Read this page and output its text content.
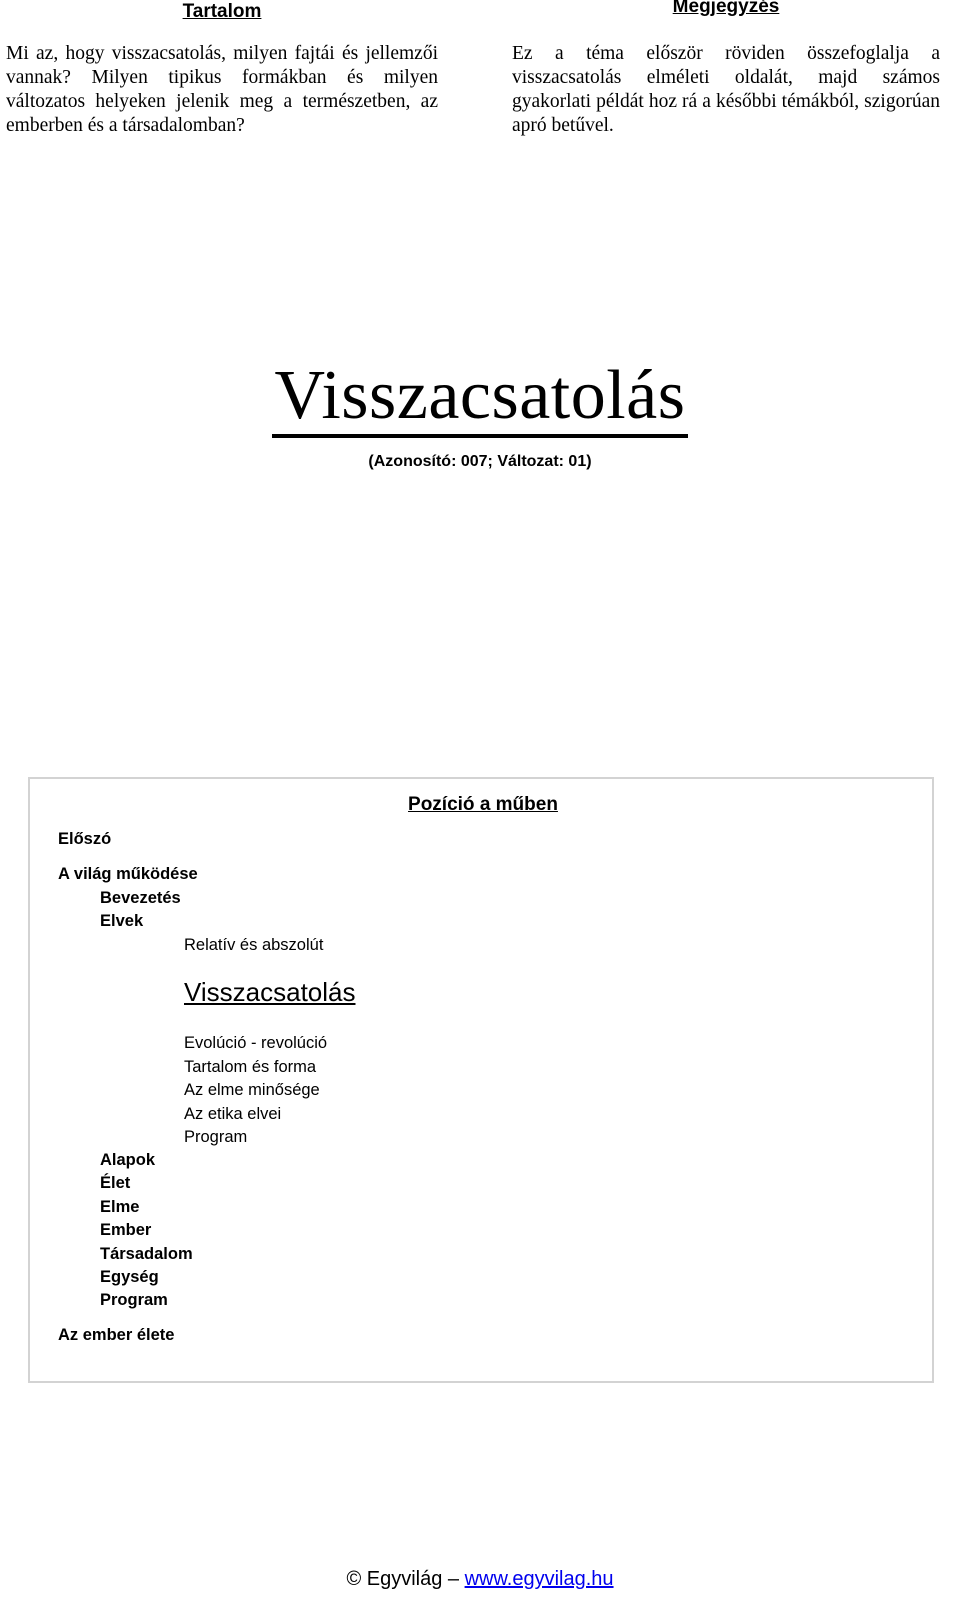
Tartalom

Mi az, hogy visszacsatolás, milyen fajtái és jellemzői vannak? Milyen tipikus formákban és milyen változatos helyeken jelenik meg a természetben, az emberben és a társadalomban?

Megjegyzés

Ez a téma először röviden összefoglalja a visszacsatolás elméleti oldalát, majd számos gyakorlati példát hoz rá a későbbi témákból, szigorúan apró betűvel.

Visszacsatolás
(Azonosító: 007; Változat: 01)
Pozíció a műben
Előszó
A világ működése
Bevezetés
Elvek
Relatív és abszolút
Visszacsatolás
Evolúció - revolúció
Tartalom és forma
Az elme minősége
Az etika elvei
Program
Alapok
Élet
Elme
Ember
Társadalom
Egység
Program
Az ember élete
© Egyvilág – www.egyvilag.hu
